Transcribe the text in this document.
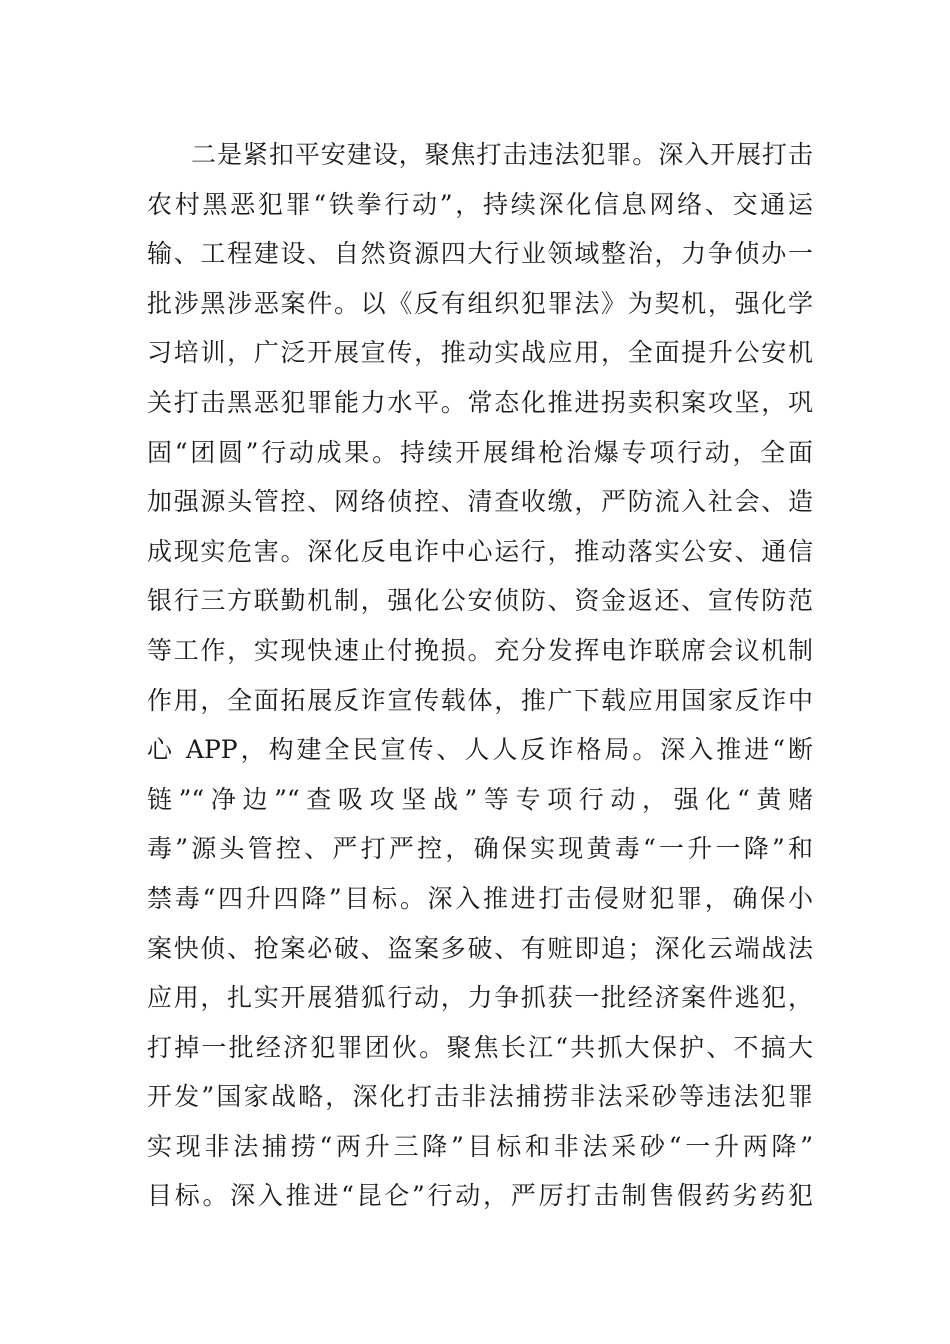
二是紧扣平安建设，聚焦打击违法犯罪。深入开展打击
农村黑恶犯罪“铁拳行动”，持续深化信息网络、交通运
输、工程建设、自然资源四大行业领域整治，力争侦办一
批涉黑涉恶案件。以《反有组织犯罪法》为契机，强化学
习培训，广泛开展宣传，推动实战应用，全面提升公安机
关打击黑恶犯罪能力水平。常态化推进拐卖积案攻坚，巩
固“团圆”行动成果。持续开展缉枪治爆专项行动，全面
加强源头管控、网络侦控、清查收缴，严防流入社会、造
成现实危害。深化反电诈中心运行，推动落实公安、通信
银行三方联勤机制，强化公安侦防、资金返还、宣传防范
等工作，实现快速止付挽损。充分发挥电诈联席会议机制
作用，全面拓展反诈宣传载体，推广下载应用国家反诈中
心 APP，构建全民宣传、人人反诈格局。深入推进“断
链”“净边”“查吸攻坚战”等专项行动，强化“黄赌
毒”源头管控、严打严控，确保实现黄毒“一升一降”和
禁毒“四升四降”目标。深入推进打击侵财犯罪，确保小
案快侦、抢案必破、盗案多破、有赃即追；深化云端战法
应用，扎实开展猎狐行动，力争抓获一批经济案件逃犯，
打掉一批经济犯罪团伙。聚焦长江“共抓大保护、不搞大
开发”国家战略，深化打击非法捕捞非法采砂等违法犯罪
实现非法捕捞“两升三降”目标和非法采砂“一升两降”
目标。深入推进“昆仑”行动，严厉打击制售假药劣药犯
